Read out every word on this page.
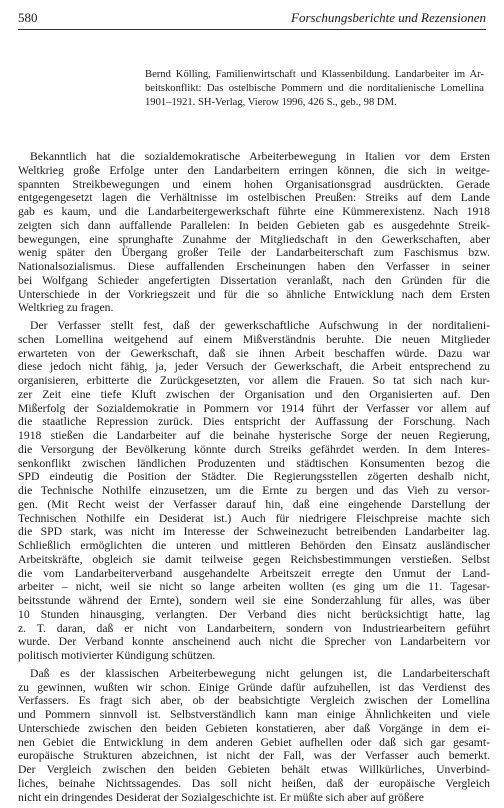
580	Forschungsberichte und Rezensionen
Bernd Kölling, Familienwirtschaft und Klassenbildung. Landarbeiter im Ar-
beitskonflikt: Das ostelbische Pommern und die norditalienische Lomellina
1901–1921. SH-Verlag, Vierow 1996, 426 S., geb., 98 DM.
Bekanntlich hat die sozialdemokratische Arbeiterbewegung in Italien vor dem Ersten
Weltkrieg große Erfolge unter den Landarbeitern erringen können, die sich in weitge-
spannten Streikbewegungen und einem hohen Organisationsgrad ausdrückten. Gerade
entgegengesetzt lagen die Verhältnisse im ostelbischen Preußen: Streiks auf dem Lande
gab es kaum, und die Landarbeitergewerkschaft führte eine Kümmerexistenz. Nach 1918
zeigten sich dann auffallende Parallelen: In beiden Gebieten gab es ausgedehnte Streik-
bewegungen, eine sprunghafte Zunahme der Mitgliedschaft in den Gewerkschaften, aber
wenig später den Übergang großer Teile der Landarbeiterschaft zum Faschismus bzw.
Nationalsozialismus. Diese auffallenden Erscheinungen haben den Verfasser in seiner
bei Wolfgang Schieder angefertigten Dissertation veranlaßt, nach den Gründen für die
Unterschiede in der Vorkriegszeit und für die so ähnliche Entwicklung nach dem Ersten
Weltkrieg zu fragen.
Der Verfasser stellt fest, daß der gewerkschaftliche Aufschwung in der norditalieni-
schen Lomellina weitgehend auf einem Mißverständnis beruhte. Die neuen Mitglieder
erwarteten von der Gewerkschaft, daß sie ihnen Arbeit beschaffen würde. Dazu war
diese jedoch nicht fähig, ja, jeder Versuch der Gewerkschaft, die Arbeit entsprechend zu
organisieren, erbitterte die Zurückgesetzten, vor allem die Frauen. So tat sich nach kur-
zer Zeit eine tiefe Kluft zwischen der Organisation und den Organisierten auf. Den
Mißerfolg der Sozialdemokratie in Pommern vor 1914 führt der Verfasser vor allem auf
die staatliche Repression zurück. Dies entspricht der Auffassung der Forschung. Nach
1918 stießen die Landarbeiter auf die beinahe hysterische Sorge der neuen Regierung,
die Versorgung der Bevölkerung könnte durch Streiks gefährdet werden. In dem Interes-
senkonflikt zwischen ländlichen Produzenten und städtischen Konsumenten bezog die
SPD eindeutig die Position der Städter. Die Regierungsstellen zögerten deshalb nicht,
die Technische Nothilfe einzusetzen, um die Ernte zu bergen und das Vieh zu versor-
gen. (Mit Recht weist der Verfasser darauf hin, daß eine eingehende Darstellung der
Technischen Nothilfe ein Desiderat ist.) Auch für niedrigere Fleischpreise machte sich
die SPD stark, was nicht im Interesse der Schweinezucht betreibenden Landarbeiter lag.
Schließlich ermöglichten die unteren und mittleren Behörden den Einsatz ausländischer
Arbeitskräfte, obgleich sie damit teilweise gegen Reichsbestimmungen verstießen. Selbst
die vom Landarbeiterverband ausgehandelte Arbeitszeit erregte den Unmut der Land-
arbeiter – nicht, weil sie nicht so lange arbeiten wollten (es ging um die 11. Tagesar-
beitsstunde während der Ernte), sondern weil sie eine Sonderzahlung für alles, was über
10 Stunden hinausging, verlangten. Der Verband dies nicht berücksichtigt hatte, lag
z. T. daran, daß er nicht von Landarbeitern, sondern von Industriearbeitern geführt
wurde. Der Verband konnte anscheinend auch nicht die Sprecher von Landarbeitern vor
politisch motivierter Kündigung schützen.
Daß es der klassischen Arbeiterbewegung nicht gelungen ist, die Landarbeiterschaft
zu gewinnen, wußten wir schon. Einige Gründe dafür aufzuhellen, ist das Verdienst des
Verfassers. Es fragt sich aber, ob der beabsichtigte Vergleich zwischen der Lomellina
und Pommern sinnvoll ist. Selbstverständlich kann man einige Ähnlichkeiten und viele
Unterschiede zwischen den beiden Gebieten konstatieren, aber daß Vorgänge in dem ei-
nen Gebiet die Entwicklung in dem anderen Gebiet aufhellen oder daß sich gar gesamt-
europäische Strukturen abzeichnen, ist nicht der Fall, was der Verfasser auch bemerkt.
Der Vergleich zwischen den beiden Gebieten behält etwas Willkürliches, Unverbind-
liches, beinahe Nichtssagendes. Das soll nicht heißen, daß der europäische Vergleich
nicht ein dringendes Desiderat der Sozialgeschichte ist. Er müßte sich aber auf größere
